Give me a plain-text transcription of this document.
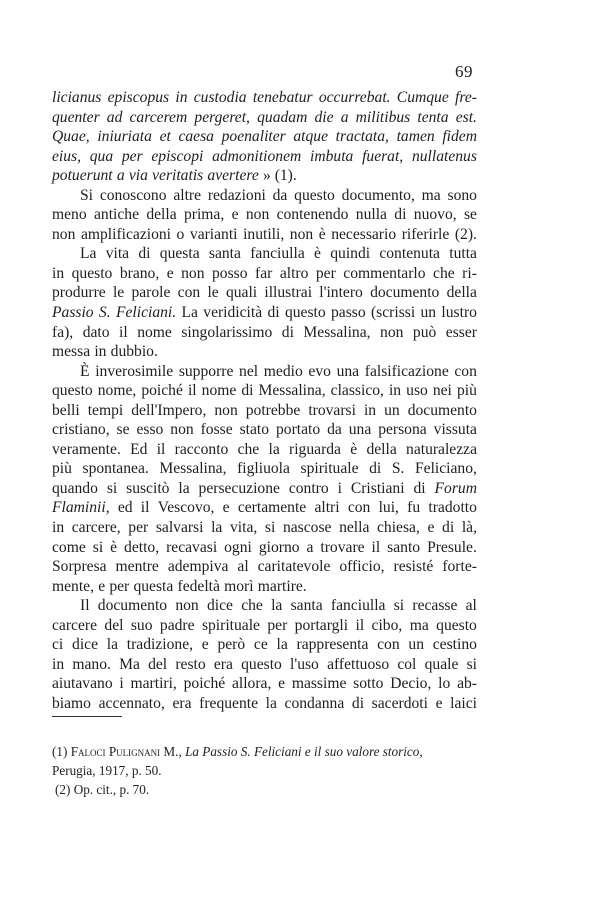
69
licianus episcopus in custodia tenebatur occurrebat. Cumque fre-
quenter ad carcerem pergeret, quadam die a militibus tenta est.
Quae, iniuriata et caesa poenaliter atque tractata, tamen fidem
eius, qua per episcopi admonitionem imbuta fuerat, nullatenus
potuerunt a via veritatis avertere » (1).
Si conoscono altre redazioni da questo documento, ma sono
meno antiche della prima, e non contenendo nulla di nuovo, se
non amplificazioni o varianti inutili, non è necessario riferirle (2).
La vita di questa santa fanciulla è quindi contenuta tutta
in questo brano, e non posso far altro per commentarlo che ri-
produrre le parole con le quali illustrai l'intero documento della
Passio S. Feliciani. La veridicità di questo passo (scrissi un lustro
fa), dato il nome singolarissimo di Messalina, non può esser
messa in dubbio.
È inverosimile supporre nel medio evo una falsificazione con
questo nome, poiché il nome di Messalina, classico, in uso nei più
belli tempi dell'Impero, non potrebbe trovarsi in un documento
cristiano, se esso non fosse stato portato da una persona vissuta
veramente. Ed il racconto che la riguarda è della naturalezza
più spontanea. Messalina, figliuola spirituale di S. Feliciano,
quando si suscitò la persecuzione contro i Cristiani di Forum
Flaminii, ed il Vescovo, e certamente altri con lui, fu tradotto
in carcere, per salvarsi la vita, si nascose nella chiesa, e di là,
come si è detto, recavasi ogni giorno a trovare il santo Presule.
Sorpresa mentre adempiva al caritatevole officio, resisté forte-
mente, e per questa fedeltà morì martire.
Il documento non dice che la santa fanciulla si recasse al
carcere del suo padre spirituale per portargli il cibo, ma questo
ci dice la tradizione, e però ce la rappresenta con un cestino
in mano. Ma del resto era questo l'uso affettuoso col quale si
aiutavano i martiri, poiché allora, e massime sotto Decio, lo ab-
biamo accennato, era frequente la condanna di sacerdoti e laici
(1) Faloci Pulignani M., La Passio S. Feliciani e il suo valore storico,
Perugia, 1917, p. 50.
(2) Op. cit., p. 70.
